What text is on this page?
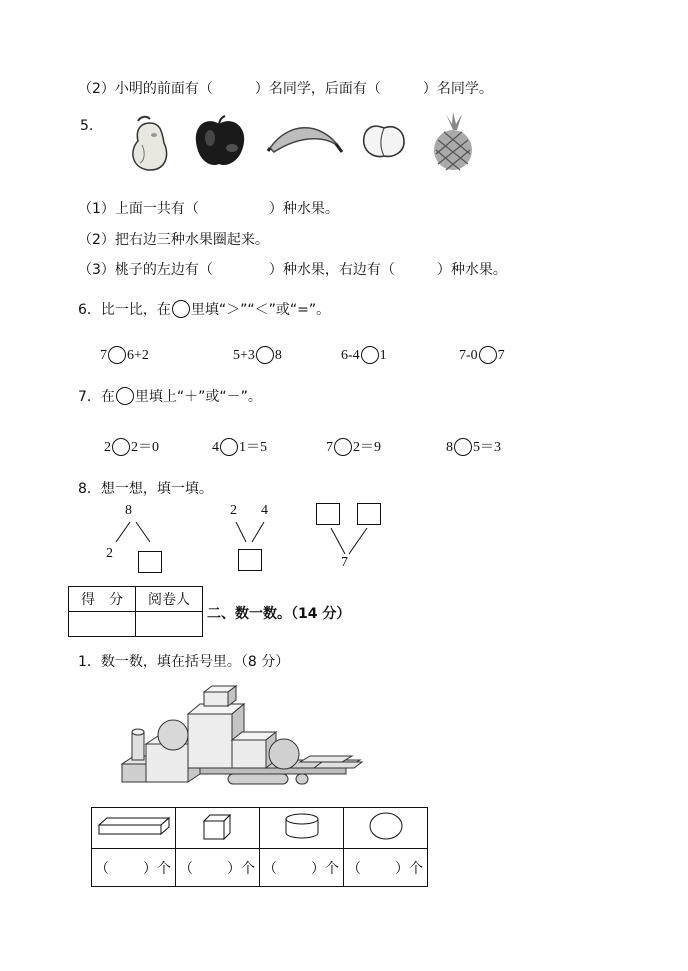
（2）小明的前面有（　　　）名同学，后面有（　　　）名同学。
5.
（1）上面一共有（　　　　　）种水果。
（2）把右边三种水果圈起来。
（3）桃子的左边有（　　　　）种水果，右边有（　　　）种水果。
6．比一比，在 里填“＞”“＜”或“=”。
7 6+2	5+3 8	6-4 1	7-0 7
7．在 里填上“＋”或“－”。
2 2＝0	4 1＝5	7 2＝9	8 5＝3
8．想一想，填一填。
8
2
2 4
7
得　分	阅卷人

二、数一数。（14 分）
1．数一数，填在括号里。（8 分）

（ ）个	（ ）个	（ ）个	（ ）个
